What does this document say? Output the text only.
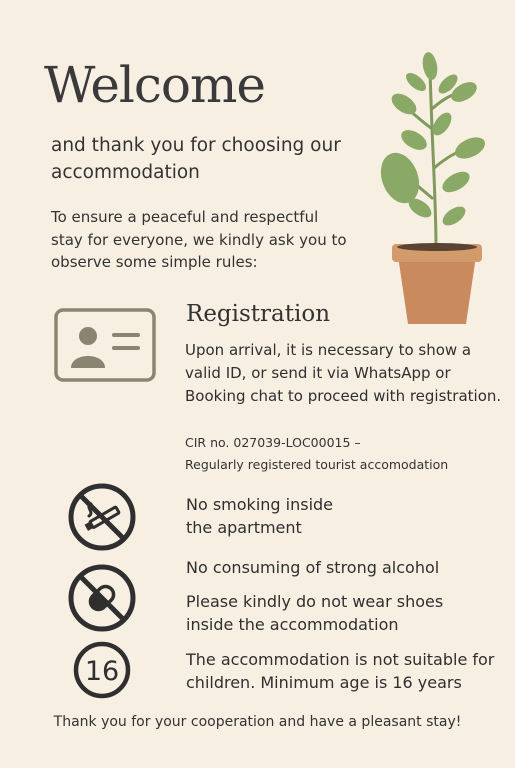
Welcome
and thank you for choosing our accommodation
To ensure a peaceful and respectful stay for everyone, we kindly ask you to observe some simple rules:
Registration
Upon arrival, it is necessary to show a valid ID, or send it via WhatsApp or Booking chat to proceed with registration.
CIR no. 027039-LOC00015 –
Regularly registered tourist accomodation
16
No smoking inside the apartment
No consuming of strong alcohol
Please kindly do not wear shoes inside the accommodation
The accommodation is not suitable for children. Minimum age is 16 years
Thank you for your cooperation and have a pleasant stay!
